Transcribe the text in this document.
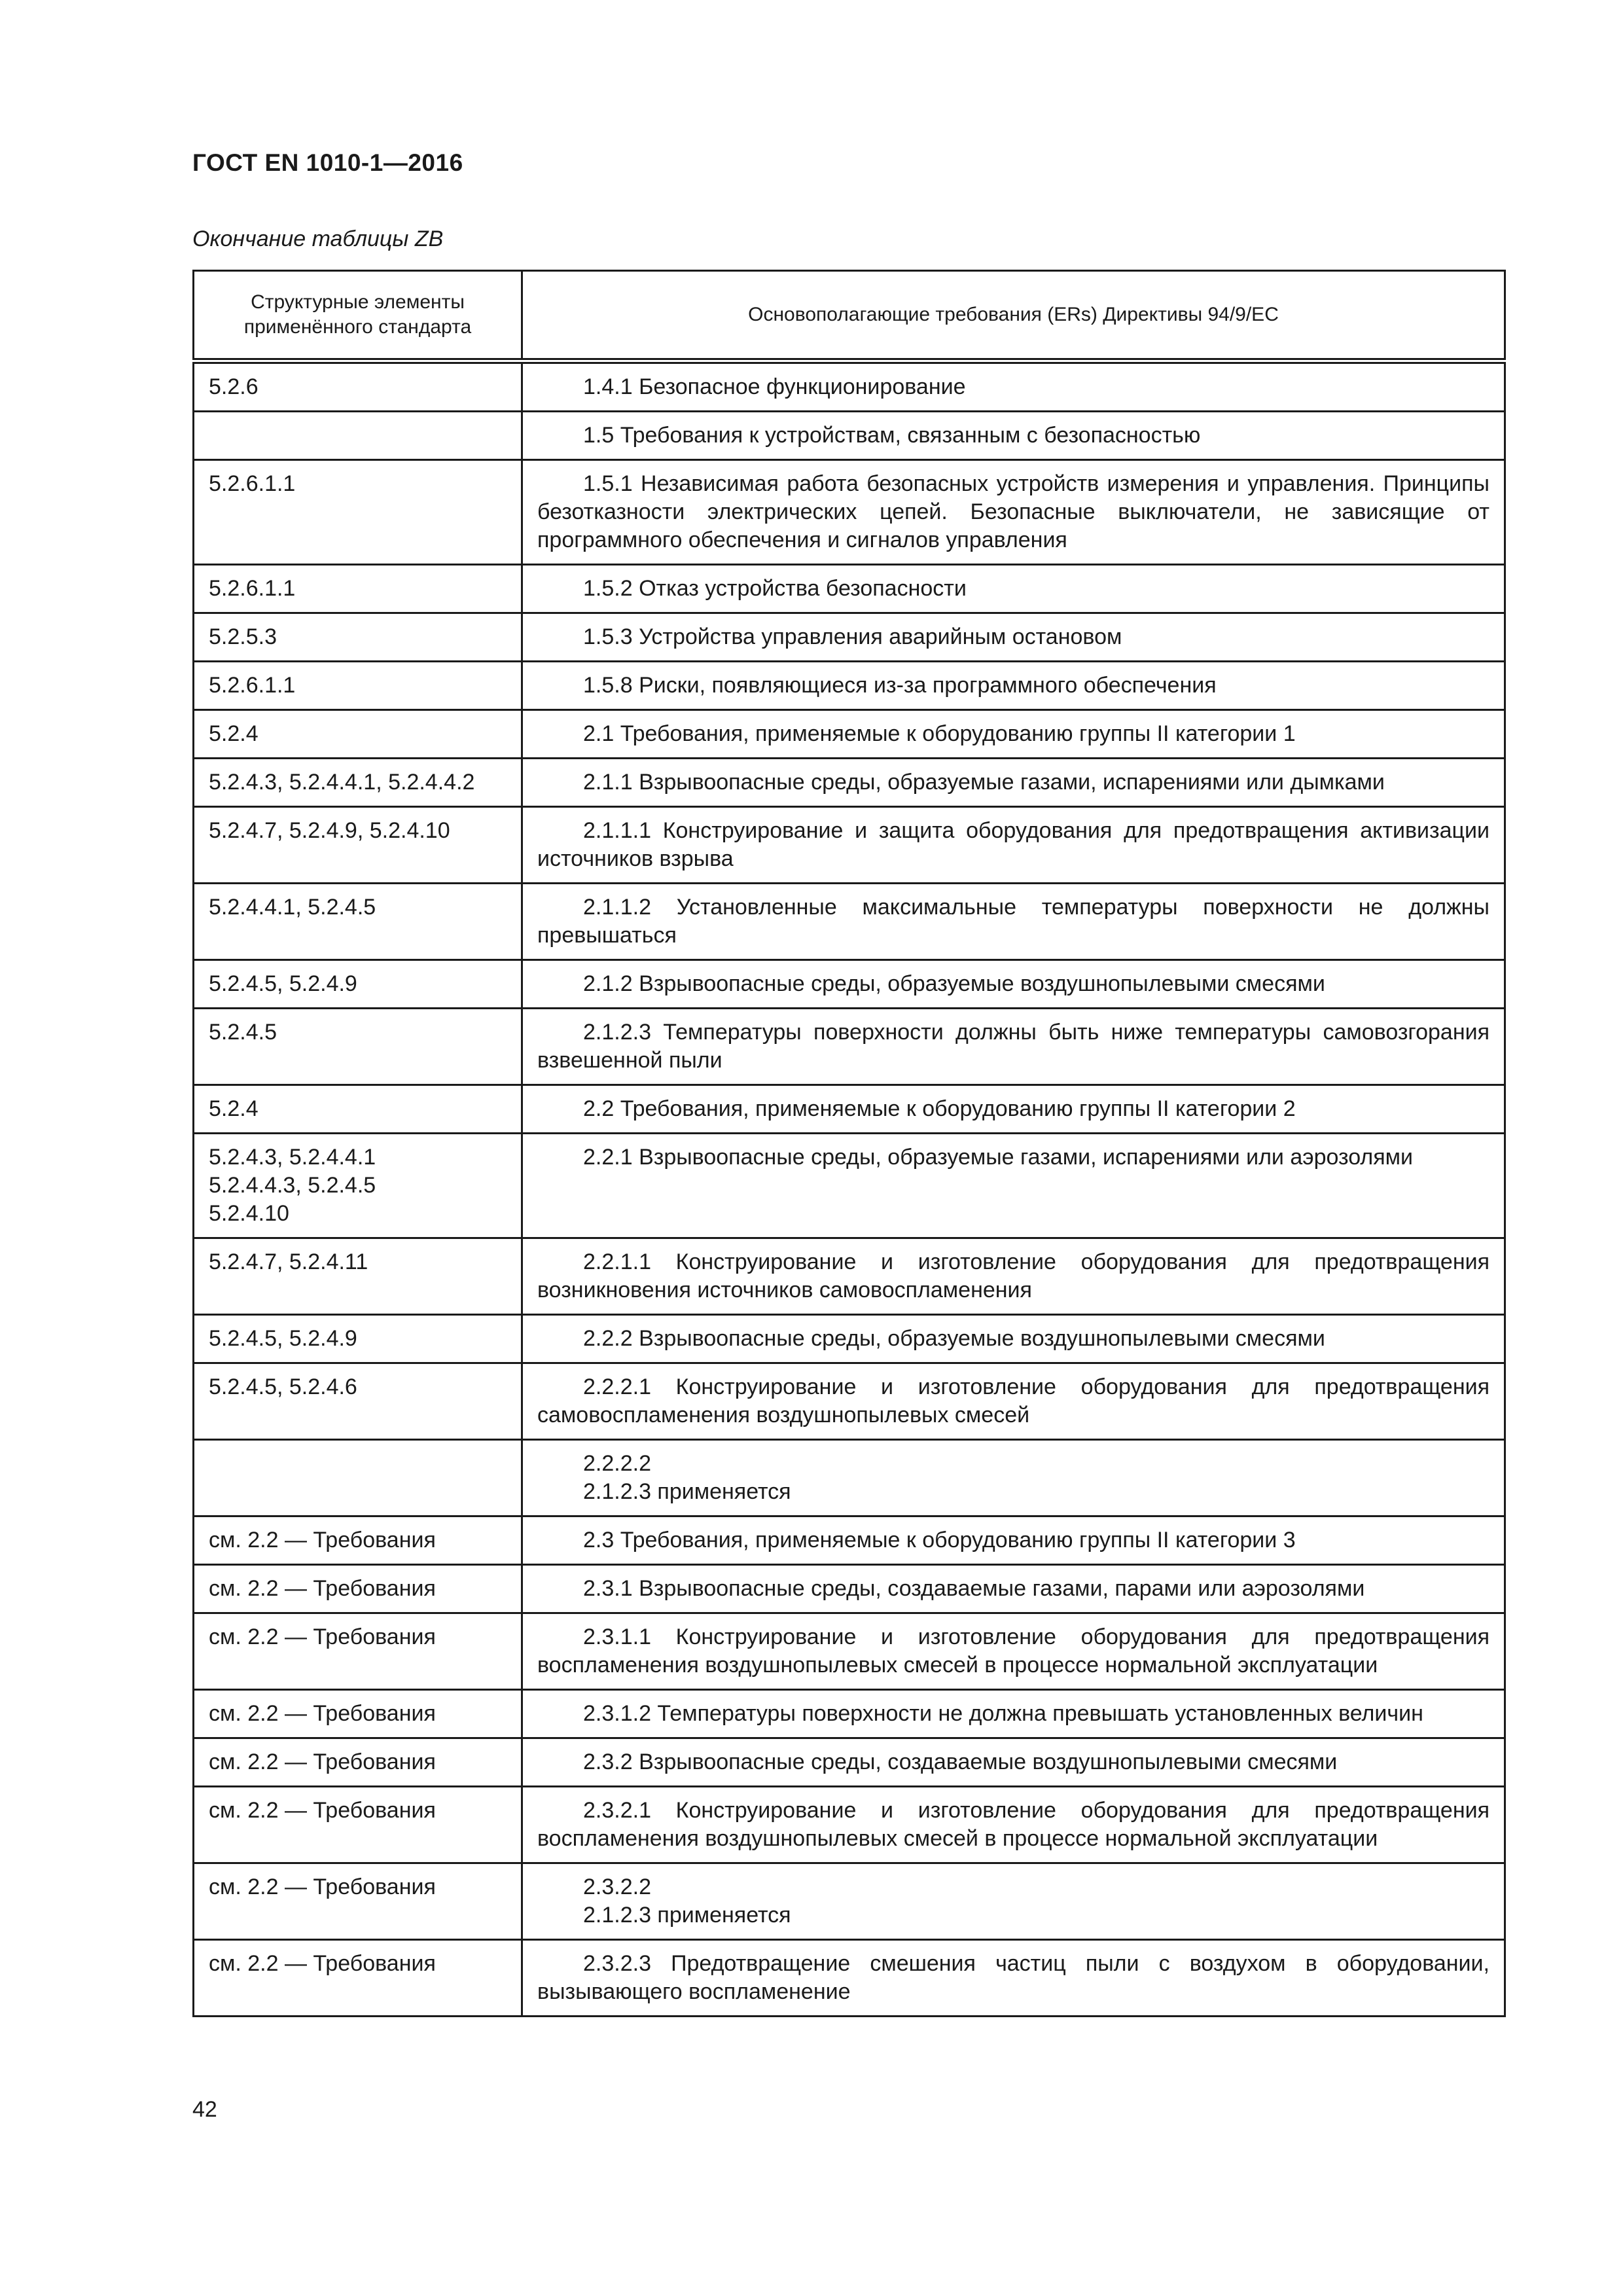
ГОСТ EN 1010-1—2016
Окончание таблицы ZB
Структурные элементы применённого стандарта	Основополагающие требования (ERs) Директивы 94/9/ЕС
5.2.6	1.4.1 Безопасное функционирование
	1.5 Требования к устройствам, связанным с безопасностью
5.2.6.1.1	1.5.1 Независимая работа безопасных устройств измерения и управления. Принципы безотказности электрических цепей. Безопасные выключатели, не зависящие от программного обеспечения и сигналов управления
5.2.6.1.1	1.5.2 Отказ устройства безопасности
5.2.5.3	1.5.3 Устройства управления аварийным остановом
5.2.6.1.1	1.5.8 Риски, появляющиеся из-за программного обеспечения
5.2.4	2.1 Требования, применяемые к оборудованию группы II категории 1
5.2.4.3, 5.2.4.4.1, 5.2.4.4.2	2.1.1 Взрывоопасные среды, образуемые газами, испарениями или дымками
5.2.4.7, 5.2.4.9, 5.2.4.10	2.1.1.1 Конструирование и защита оборудования для предотвращения активизации источников взрыва
5.2.4.4.1, 5.2.4.5	2.1.1.2 Установленные максимальные температуры поверхности не должны превышаться
5.2.4.5, 5.2.4.9	2.1.2 Взрывоопасные среды, образуемые воздушнопылевыми смесями
5.2.4.5	2.1.2.3 Температуры поверхности должны быть ниже температуры самовозгорания взвешенной пыли
5.2.4	2.2 Требования, применяемые к оборудованию группы II категории 2
5.2.4.3, 5.2.4.4.1
5.2.4.4.3, 5.2.4.5
5.2.4.10	2.2.1 Взрывоопасные среды, образуемые газами, испарениями или аэрозолями
5.2.4.7, 5.2.4.11	2.2.1.1 Конструирование и изготовление оборудования для предотвращения возникновения источников самовоспламенения
5.2.4.5, 5.2.4.9	2.2.2 Взрывоопасные среды, образуемые воздушнопылевыми смесями
5.2.4.5, 5.2.4.6	2.2.2.1 Конструирование и изготовление оборудования для предотвращения самовоспламенения воздушнопылевых смесей
	2.2.2.2
2.1.2.3 применяется
см. 2.2 — Требования	2.3 Требования, применяемые к оборудованию группы II категории 3
см. 2.2 — Требования	2.3.1 Взрывоопасные среды, создаваемые газами, парами или аэрозолями
см. 2.2 — Требования	2.3.1.1 Конструирование и изготовление оборудования для предотвращения воспламенения воздушнопылевых смесей в процессе нормальной эксплуатации
см. 2.2 — Требования	2.3.1.2 Температуры поверхности не должна превышать установленных величин
см. 2.2 — Требования	2.3.2 Взрывоопасные среды, создаваемые воздушнопылевыми смесями
см. 2.2 — Требования	2.3.2.1 Конструирование и изготовление оборудования для предотвращения воспламенения воздушнопылевых смесей в процессе нормальной эксплуатации
см. 2.2 — Требования	2.3.2.2
2.1.2.3 применяется
см. 2.2 — Требования	2.3.2.3 Предотвращение смешения частиц пыли с воздухом в оборудовании, вызывающего воспламенение
42
